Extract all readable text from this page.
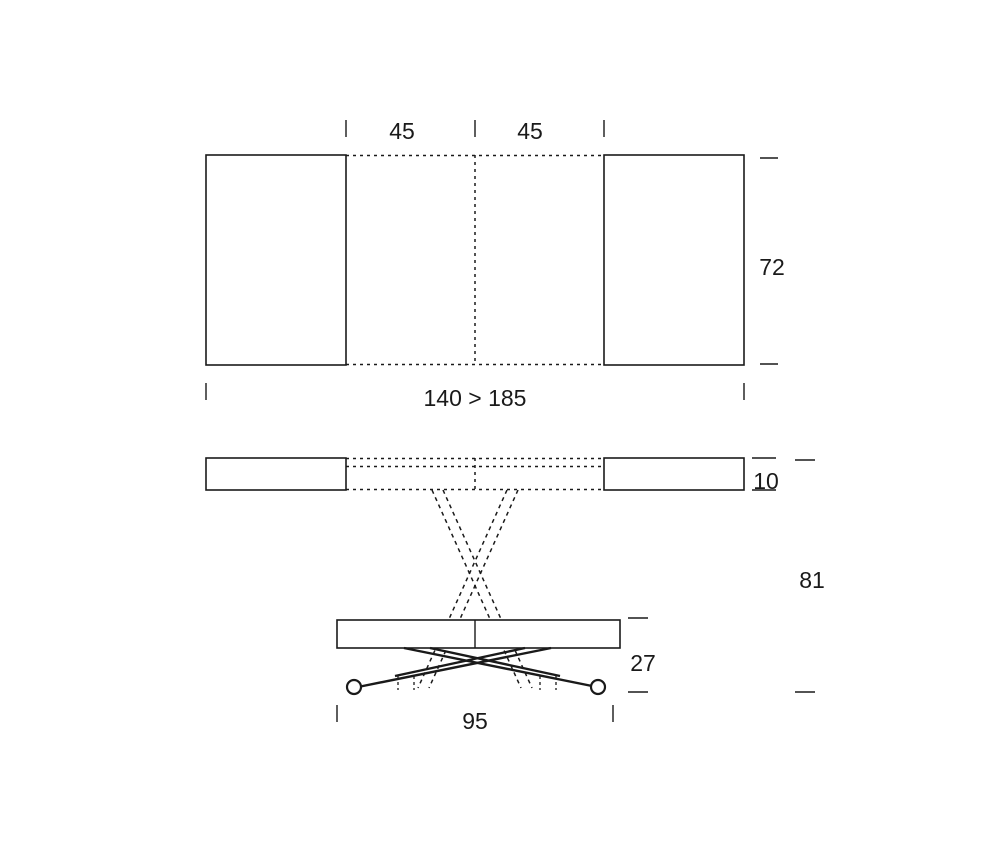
45	45
72
140 > 185
10
81
27
95
